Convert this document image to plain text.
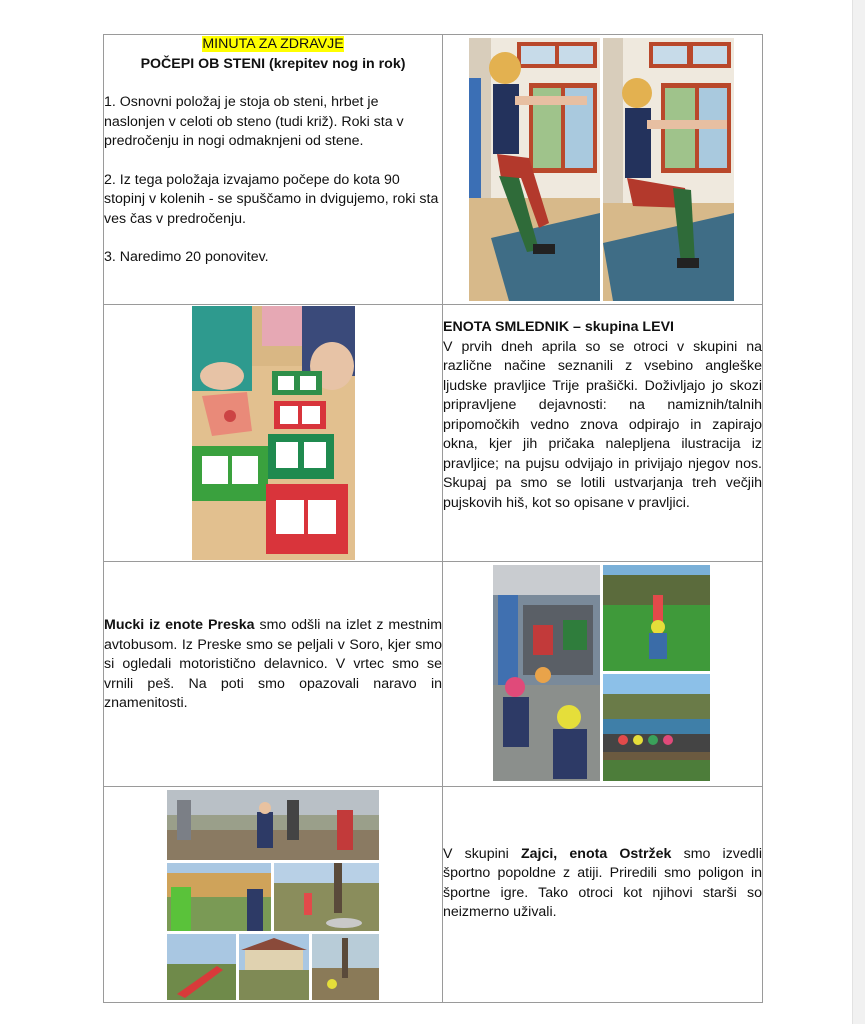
MINUTA ZA ZDRAVJE

POČEPI OB STENI (krepitev nog in rok)

1. Osnovni položaj je stoja ob steni, hrbet je naslonjen v celoti ob steno (tudi križ). Roki sta v predročenju in nogi odmaknjeni od stene.

2. Iz tega položaja izvajamo počepe do kota 90 stopinj v kolenih - se spuščamo in dvigujemo, roki sta ves čas v predročenju.

3. Naredimo 20 ponovitev.

ENOTA SMLEDNIK – skupina LEVI

V prvih dneh aprila so se otroci v skupini na različne načine seznanili z vsebino angleške ljudske pravljice Trije prašički. Doživljajo jo skozi pripravljene dejavnosti: na namiznih/talnih pripomočkih vedno znova odpirajo in zapirajo okna, kjer jih pričaka nalepljena ilustracija iz pravljice; na pujsu odvijajo in privijajo njegov nos. Skupaj pa smo se lotili ustvarjanja treh večjih pujskovih hiš, kot so opisane v pravljici.

Mucki iz enote Preska smo odšli na izlet z mestnim avtobusom. Iz Preske smo se peljali v Soro, kjer smo si ogledali motoristično delavnico. V vrtec smo se vrnili peš. Na poti smo opazovali naravo in znamenitosti.

V skupini Zajci, enota Ostržek smo izvedli športno popoldne z atiji. Priredili smo poligon in športne igre. Tako otroci kot njihovi starši so neizmerno uživali.
